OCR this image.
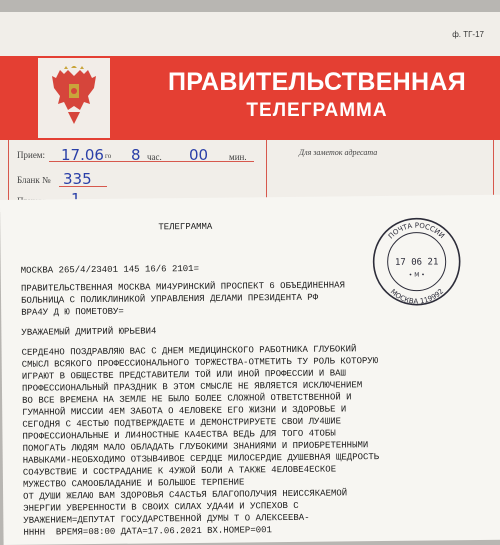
ф. ТГ-17
ПРАВИТЕЛЬСТВЕННАЯ
ТЕЛЕГРАММА
Прием: 17.06 го 8 час. 00 мин.
Бланк № 335
Для заметок адресата
ТЕЛЕГРАММА
МОСКВА 265/4/23401 145 16/6 2101=
ПРАВИТЕЛЬСТВЕННАЯ МОСКВА МИ4УРИНСКИЙ ПРОСПЕКТ 6 ОБЪЕДИНЕННАЯ
БОЛЬНИЦА С ПОЛИКЛИНИКОЙ УПРАВЛЕНИЯ ДЕЛАМИ ПРЕЗИДЕНТА РФ
ВРА4У Д Ю ПОМЕТОВУ=
УВАЖАЕМЫЙ ДМИТРИЙ ЮРЬЕВИ4
СЕРДЕ4НО ПОЗДРАВЛЯЮ ВАС С ДНЕМ МЕДИЦИНСКОГО РАБОТНИКА ГЛУБОКИЙ
СМЫСЛ ВСЯКОГО ПРОФЕССИОНАЛЬНОГО ТОРЖЕСТВА-ОТМЕТИТЬ ТУ РОЛЬ КОТОРУЮ
ИГРАЮТ В ОБЩЕСТВЕ ПРЕДСТАВИТЕЛИ ТОЙ ИЛИ ИНОЙ ПРОФЕССИИ И ВАШ
ПРОФЕССИОНАЛЬНЫЙ ПРАЗДНИК В ЭТОМ СМЫСЛЕ НЕ ЯВЛЯЕТСЯ ИСКЛЮЧЕНИЕМ
ВО ВСЕ ВРЕМЕНА НА ЗЕМЛЕ НЕ БЫЛО БОЛЕЕ СЛОЖНОЙ ОТВЕТСТВЕННОЙ И
ГУМАННОЙ МИССИИ 4ЕМ ЗАБОТА О 4ЕЛОВЕКЕ ЕГО ЖИЗНИ И ЗДОРОВЬЕ И
СЕГОДНЯ С 4ЕСТЬЮ ПОДТВЕРЖДАЕТЕ И ДЕМОНСТРИРУЕТЕ СВОИ ЛУ4ШИЕ
ПРОФЕССИОНАЛЬНЫЕ И ЛИ4НОСТНЫЕ КА4ЕСТВА ВЕДЬ ДЛЯ ТОГО 4ТОБЫ
ПОМОГАТЬ ЛЮДЯМ МАЛО ОБЛАДАТЬ ГЛУБОКИМИ ЗНАНИЯМИ И ПРИОБРЕТЕННЫМИ
НАВЫКАМИ-НЕОБХОДИМО ОТЗЫВ4ИВОЕ СЕРДЦЕ МИЛОСЕРДИЕ ДУШЕВНАЯ ЩЕДРОСТЬ
СО4УВСТВИЕ И СОСТРАДАНИЕ К 4УЖОЙ БОЛИ А ТАКЖЕ 4ЕЛОВЕ4ЕСКОЕ
МУЖЕСТВО САМООБЛАДАНИЕ И БОЛЬШОЕ ТЕРПЕНИЕ
ОТ ДУШИ ЖЕЛАЮ ВАМ ЗДОРОВЬЯ С4АСТЬЯ БЛАГОПОЛУЧИЯ НЕИССЯКАЕМОЙ
ЭНЕРГИИ УВЕРЕННОСТИ В СВОИХ СИЛАХ УДА4И И УСПЕХОВ С
УВАЖЕНИЕМ=ДЕПУТАТ ГОСУДАРСТВЕННОЙ ДУМЫ Т О АЛЕКСЕЕВА-
НННН  ВРЕМЯ=08:00 ДАТА=17.06.2021 ВХ.НОМЕР=001
ПОЧТА РОССИИ
17 06 21
• M •
МОСКВА 119992
